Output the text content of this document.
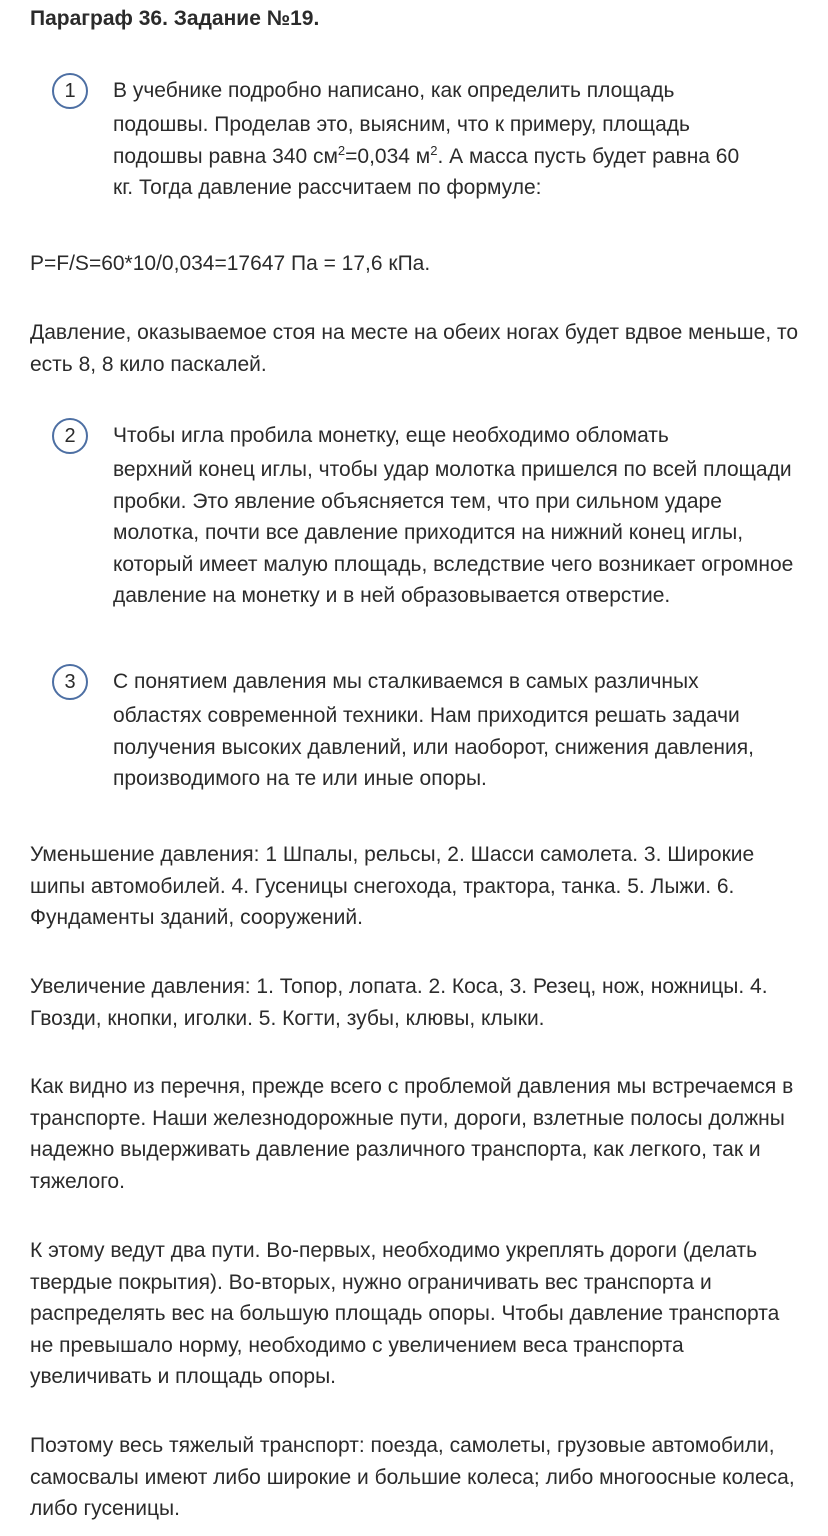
Параграф 36. Задание №19.
1	В учебнике подробно написано, как определить площадь
подошвы. Проделав это, выясним, что к примеру, площадь
подошвы равна 340 $см^2=0,034$ $м^2$. А масса пусть будет равна 60
кг. Тогда давление рассчитаем по формуле:
P=F/S=60*10/0,034=17647 Па = 17,6 кПа.
Давление, оказываемое стоя на месте на обеих ногах будет вдвое меньше, то есть 8, 8 кило паскалей.
2	Чтобы игла пробила монетку, еще необходимо обломать
верхний конец иглы, чтобы удар молотка пришелся по всей площади пробки. Это явление объясняется тем, что при сильном ударе молотка, почти все давление приходится на нижний конец иглы, который имеет малую площадь, вследствие чего возникает огромное давление на монетку и в ней образовывается отверстие.
3	С понятием давления мы сталкиваемся в самых различных
областях современной техники. Нам приходится решать задачи получения высоких давлений, или наоборот, снижения давления, производимого на те или иные опоры.
Уменьшение давления: 1 Шпалы, рельсы, 2. Шасси самолета. 3. Широкие шипы автомобилей. 4. Гусеницы снегохода, трактора, танка. 5. Лыжи. 6. Фундаменты зданий, сооружений.
Увеличение давления: 1. Топор, лопата. 2. Коса, 3. Резец, нож, ножницы. 4. Гвозди, кнопки, иголки. 5. Когти, зубы, клювы, клыки.
Как видно из перечня, прежде всего с проблемой давления мы встречаемся в транспорте. Наши железнодорожные пути, дороги, взлетные полосы должны надежно выдерживать давление различного транспорта, как легкого, так и тяжелого.
К этому ведут два пути. Во-первых, необходимо укреплять дороги (делать твердые покрытия). Во-вторых, нужно ограничивать вес транспорта и распределять вес на большую площадь опоры. Чтобы давление транспорта не превышало норму, необходимо с увеличением веса транспорта увеличивать и площадь опоры.
Поэтому весь тяжелый транспорт: поезда, самолеты, грузовые автомобили, самосвалы имеют либо широкие и большие колеса; либо многоосные колеса, либо гусеницы.
